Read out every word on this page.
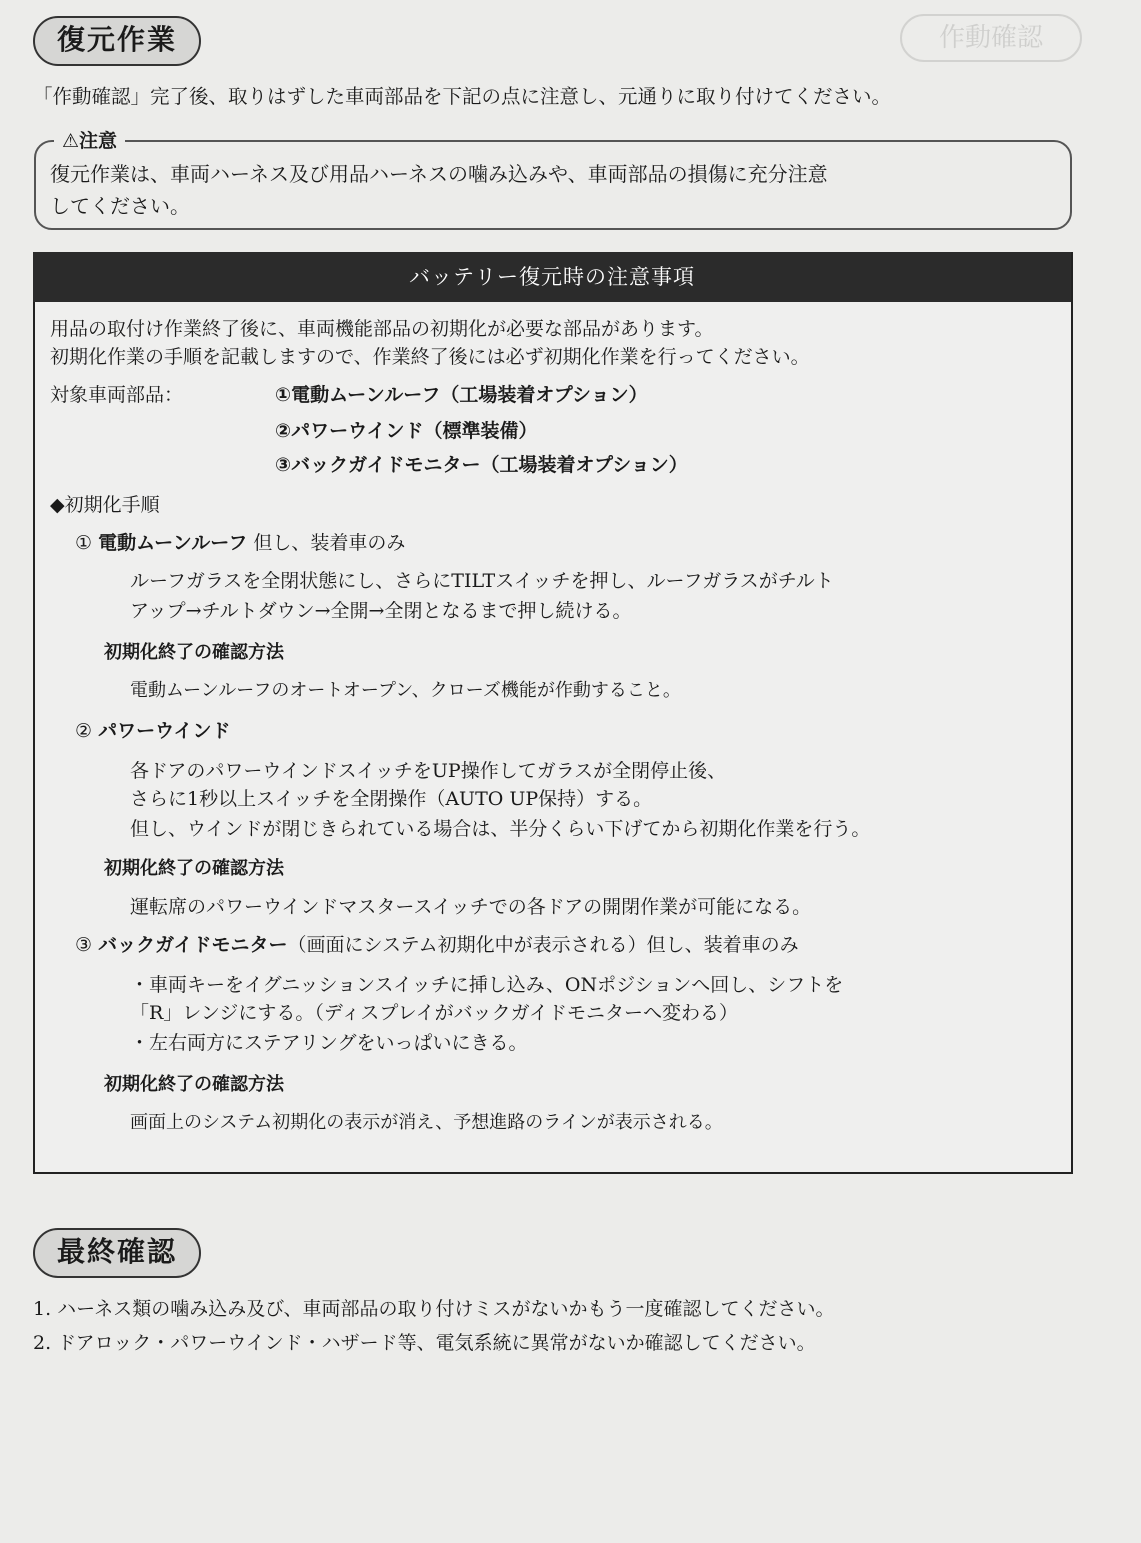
作動確認
復元作業
「作動確認」完了後、取りはずした車両部品を下記の点に注意し、元通りに取り付けてください。
⚠注意
復元作業は、車両ハーネス及び用品ハーネスの噛み込みや、車両部品の損傷に充分注意
してください。
バッテリー復元時の注意事項
用品の取付け作業終了後に、車両機能部品の初期化が必要な部品があります。
初期化作業の手順を記載しますので、作業終了後には必ず初期化作業を行ってください。
対象車両部品：	①電動ムーンルーフ（工場装着オプション）
②パワーウインド（標準装備）
③バックガイドモニター（工場装着オプション）
◆初期化手順
① 電動ムーンルーフ 但し、装着車のみ
ルーフガラスを全閉状態にし、さらにTILTスイッチを押し、ルーフガラスがチルト
アップ→チルトダウン→全開→全閉となるまで押し続ける。
初期化終了の確認方法
電動ムーンルーフのオートオープン、クローズ機能が作動すること。
② パワーウインド
各ドアのパワーウインドスイッチをUP操作してガラスが全閉停止後、
さらに1秒以上スイッチを全閉操作（AUTO UP保持）する。
但し、ウインドが閉じきられている場合は、半分くらい下げてから初期化作業を行う。
初期化終了の確認方法
運転席のパワーウインドマスタースイッチでの各ドアの開閉作業が可能になる。
③ バックガイドモニター（画面にシステム初期化中が表示される）但し、装着車のみ
・車両キーをイグニッションスイッチに挿し込み、ONポジションへ回し、シフトを
「R」レンジにする。（ディスプレイがバックガイドモニターへ変わる）
・左右両方にステアリングをいっぱいにきる。
初期化終了の確認方法
画面上のシステム初期化の表示が消え、予想進路のラインが表示される。
最終確認
1. ハーネス類の噛み込み及び、車両部品の取り付けミスがないかもう一度確認してください。
2. ドアロック・パワーウインド・ハザード等、電気系統に異常がないか確認してください。
